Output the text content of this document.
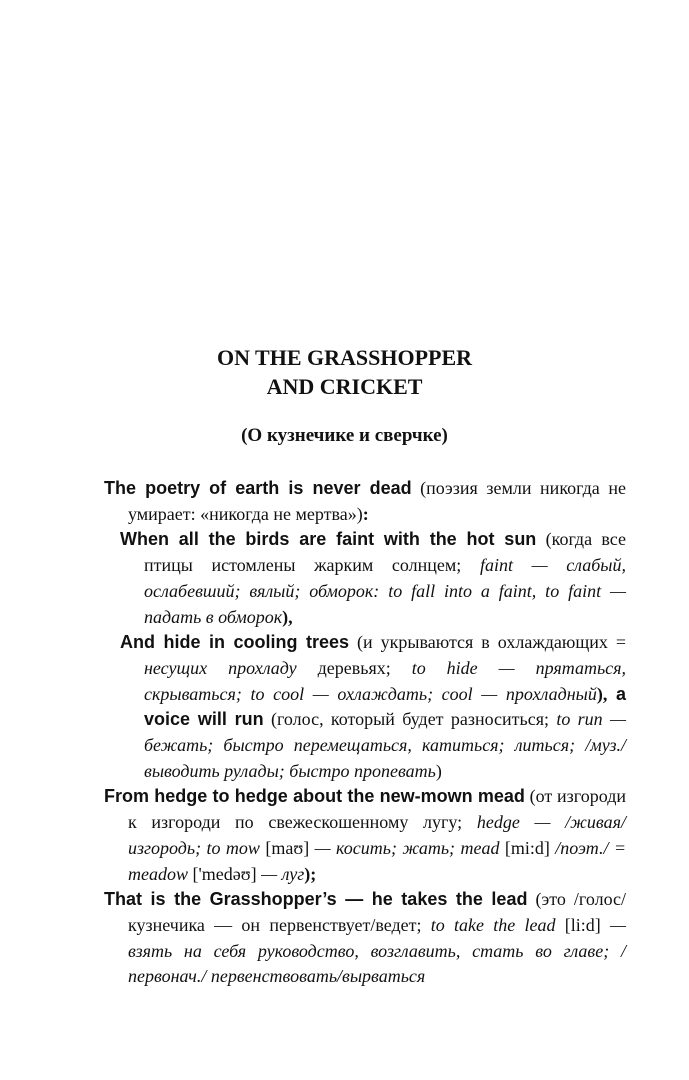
ON THE GRASSHOPPER
AND CRICKET
(О кузнечике и сверчке)

The poetry of earth is never dead (поэзия земли никогда не умирает: «никогда не мертва»):

When all the birds are faint with the hot sun (когда все птицы истомлены жарким солнцем; faint — слабый, ослабевший; вялый; обморок: to fall into a faint, to faint — падать в обморок),

And hide in cooling trees (и укрываются в охлаждающих = несущих прохладу деревьях; to hide — прятаться, скрываться; to cool — охлаждать; cool — прохладный), a voice will run (голос, который будет разноситься; to run — бежать; быстро перемещаться, катиться; литься; /муз./ выводить рулады; быстро пропевать)

From hedge to hedge about the new-mown mead (от изгороди к изгороди по свежескошенному лугу; hedge — /живая/ изгородь; to mow [maʊ] — косить; жать; mead [mi:d] /поэт./ = meadow ['medəʊ] — луг);

That is the Grasshopper’s — he takes the lead (это /голос/ кузнечика — он первенствует/ведет; to take the lead [li:d] — взять на себя руководство, возглавить, стать во главе; /первонач./ первенствовать/вырваться
